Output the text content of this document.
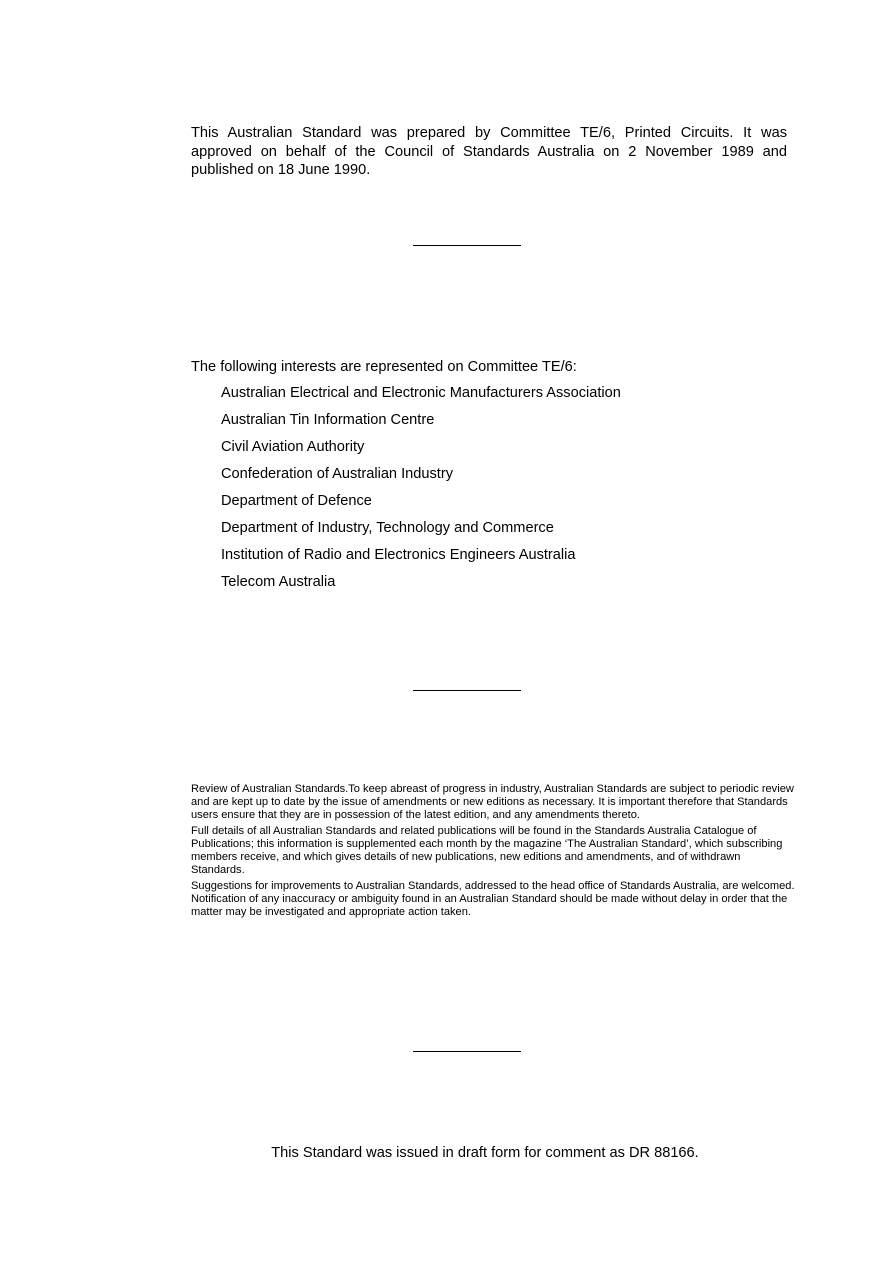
This Australian Standard was prepared by Committee TE/6, Printed Circuits. It was approved on behalf of the Council of Standards Australia on 2 November 1989 and published on 18 June 1990.

The following interests are represented on Committee TE/6:

Australian Electrical and Electronic Manufacturers Association
Australian Tin Information Centre
Civil Aviation Authority
Confederation of Australian Industry
Department of Defence
Department of Industry, Technology and Commerce
Institution of Radio and Electronics Engineers Australia
Telecom Australia

Review of Australian Standards.To keep abreast of progress in industry, Australian Standards are subject to periodic review and are kept up to date by the issue of amendments or new editions as necessary. It is important therefore that Standards users ensure that they are in possession of the latest edition, and any amendments thereto.

Full details of all Australian Standards and related publications will be found in the Standards Australia Catalogue of Publications; this information is supplemented each month by the magazine ‘The Australian Standard’, which subscribing members receive, and which gives details of new publications, new editions and amendments, and of withdrawn Standards.

Suggestions for improvements to Australian Standards, addressed to the head office of Standards Australia, are welcomed. Notification of any inaccuracy or ambiguity found in an Australian Standard should be made without delay in order that the matter may be investigated and appropriate action taken.

This Standard was issued in draft form for comment as DR 88166.
